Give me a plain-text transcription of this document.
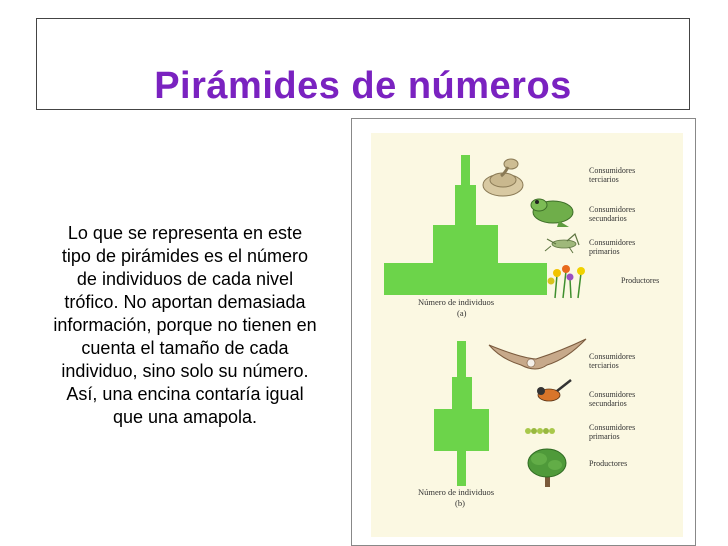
Pirámides de números
Lo que se representa en este
tipo de pirámides es el número
de individuos de cada nivel
trófico. No aportan demasiada
información, porque no tienen en
cuenta el tamaño de cada
individuo, sino solo su número.
Así, una encina contaría igual
que una amapola.
Consumidores
terciarios
Consumidores
secundarios
Consumidores
primarios
Productores
Número de individuos
(a)
Consumidores
terciarios
Consumidores
secundarios
Consumidores
primarios
Productores
Número de individuos
(b)
